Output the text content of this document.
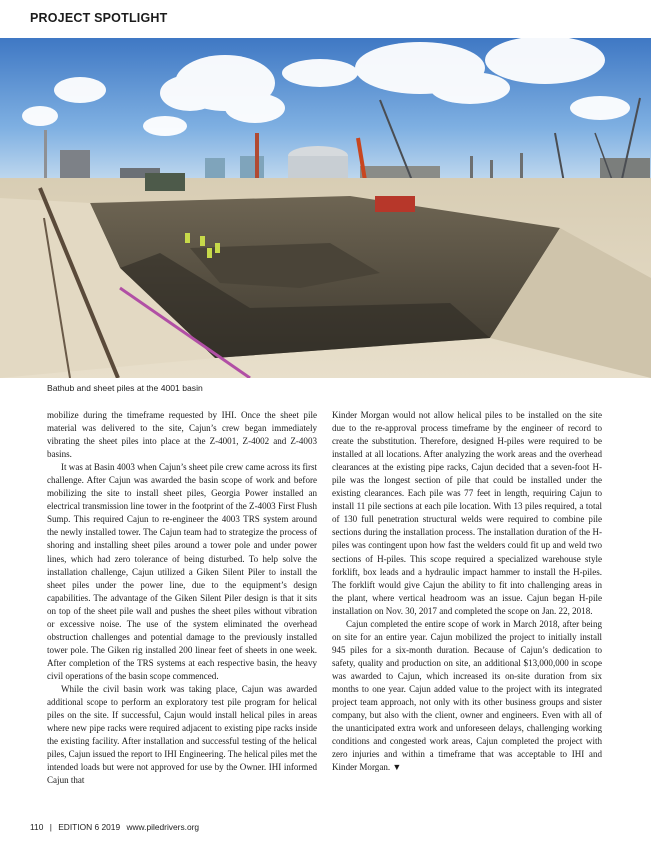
PROJECT SPOTLIGHT
Bathub and sheet piles at the 4001 basin

mobilize during the timeframe requested by IHI. Once the sheet pile material was delivered to the site, Cajun’s crew began immediately vibrating the sheet piles into place at the Z-4001, Z-4002 and Z-4003 basins.

It was at Basin 4003 when Cajun’s sheet pile crew came across its first challenge. After Cajun was awarded the basin scope of work and before mobilizing the site to install sheet piles, Georgia Power installed an electrical transmission line tower in the footprint of the Z-4003 First Flush Sump. This required Cajun to re-engineer the 4003 TRS system around the newly installed tower. The Cajun team had to strategize the process of shoring and installing sheet piles around a tower pole and under power lines, which had zero tolerance of being disturbed. To help solve the installation challenge, Cajun utilized a Giken Silent Piler to install the sheet piles under the power line, due to the equipment’s design capabilities. The advantage of the Giken Silent Piler design is that it sits on top of the sheet pile wall and pushes the sheet piles without vibration or excessive noise. The use of the system eliminated the overhead obstruction challenges and potential damage to the previously installed tower pole. The Giken rig installed 200 linear feet of sheets in one week. After completion of the TRS systems at each respective basin, the heavy civil operations of the basin scope commenced.

While the civil basin work was taking place, Cajun was awarded additional scope to perform an exploratory test pile program for helical piles on the site. If successful, Cajun would install helical piles in areas where new pipe racks were required adjacent to existing pipe racks inside the existing facility. After installation and successful testing of the helical piles, Cajun issued the report to IHI Engineering. The helical piles met the intended loads but were not approved for use by the Owner. IHI informed Cajun that

Kinder Morgan would not allow helical piles to be installed on the site due to the re-approval process timeframe by the engineer of record to create the substitution. Therefore, designed H-piles were required to be installed at all locations. After analyzing the work areas and the overhead clearances at the existing pipe racks, Cajun decided that a seven-foot H-pile was the longest section of pile that could be installed under the existing clearances. Each pile was 77 feet in length, requiring Cajun to install 11 pile sections at each pile location. With 13 piles required, a total of 130 full penetration structural welds were required to combine pile sections during the installation process. The installation duration of the H-piles was contingent upon how fast the welders could fit up and weld two sections of H-piles. This scope required a specialized warehouse style forklift, box leads and a hydraulic impact hammer to install the H-piles. The forklift would give Cajun the ability to fit into challenging areas in the plant, where vertical headroom was an issue. Cajun began H-pile installation on Nov. 30, 2017 and completed the scope on Jan. 22, 2018.

Cajun completed the entire scope of work in March 2018, after being on site for an entire year. Cajun mobilized the project to initially install 945 piles for a six-month duration. Because of Cajun’s dedication to safety, quality and production on site, an additional $13,000,000 in scope was awarded to Cajun, which increased its on-site duration from six months to one year. Cajun added value to the project with its integrated project team approach, not only with its other business groups and sister company, but also with the client, owner and engineers. Even with all of the unanticipated extra work and unforeseen delays, challenging working conditions and congested work areas, Cajun completed the project with zero injuries and within a timeframe that was acceptable to IHI and Kinder Morgan. ▼

110 | EDITION 6 2019 www.piledrivers.org
